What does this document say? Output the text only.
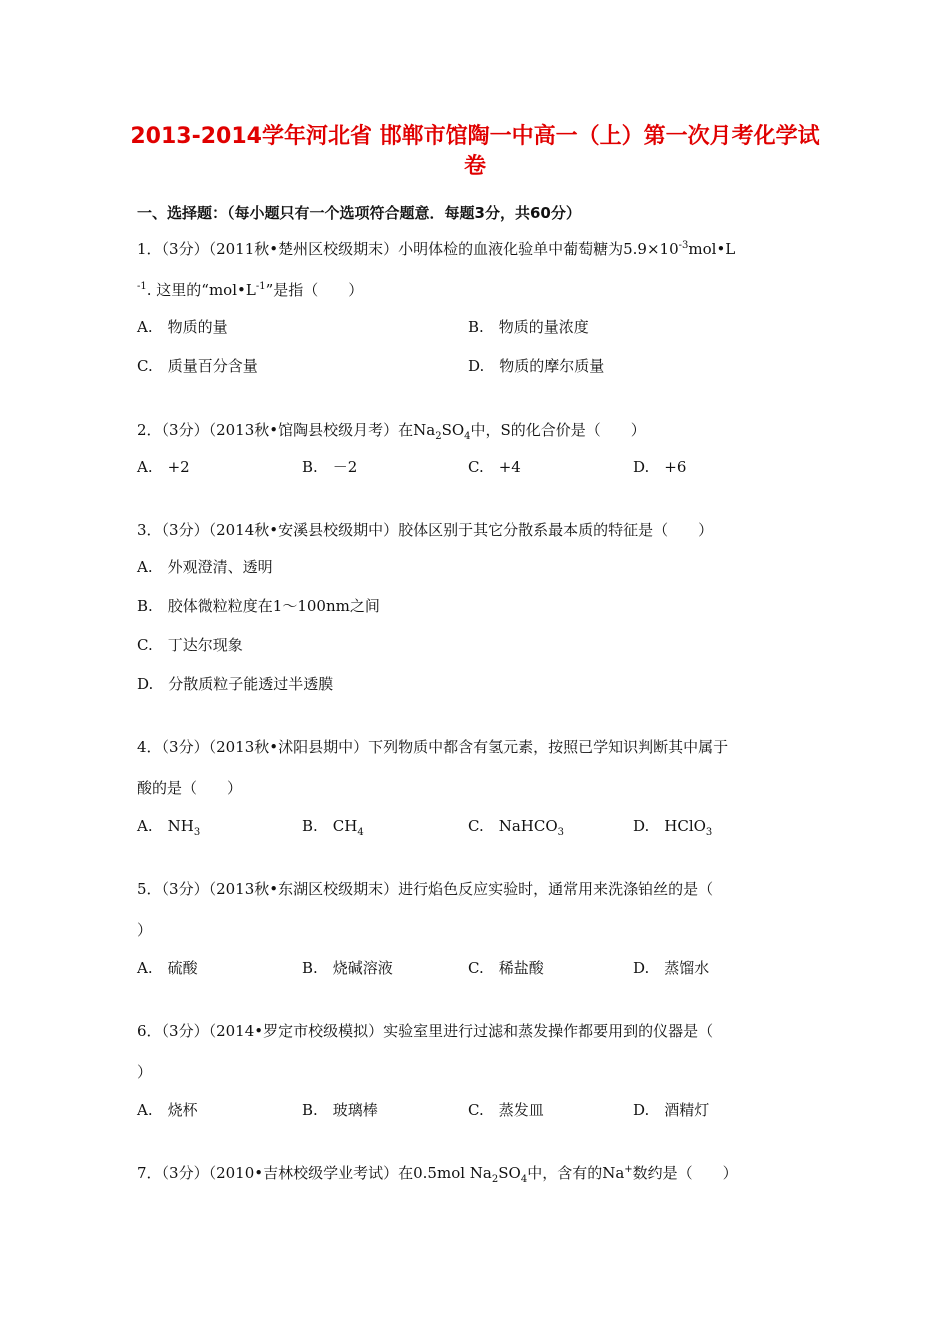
2013-2014学年河北省 邯郸市馆陶一中高一（上）第一次月考化学试
卷
一、选择题：（每小题只有一个选项符合题意．每题3分，共60分）
1．（3分）（2011秋•楚州区校级期末）小明体检的血液化验单中葡萄糖为$5.9\times 10^{-3}mol•L$
$^{-1}$. 这里的“$mol•L^{-1}$”是指（　　）
A.　物质的量	B.　物质的量浓度
C.　质量百分含量	D.　物质的摩尔质量
2．（3分）（2013秋•馆陶县校级月考）在$Na_2SO_4$中，S的化合价是（　　）
A.　+2	B.　－2	C.　+4	D.　+6
3．（3分）（2014秋•安溪县校级期中）胶体区别于其它分散系最本质的特征是（　　）
A.　外观澄清、透明
B.　胶体微粒粒度在1～100nm之间
C.　丁达尔现象
D.　分散质粒子能透过半透膜
4．（3分）（2013秋•沭阳县期中）下列物质中都含有氢元素，按照已学知识判断其中属于
酸的是（　　）
A.　$NH_3$	B.　$CH_4$	C.　NaHCO$_3$	D.　HClO$_3$
5．（3分）（2013秋•东湖区校级期末）进行焰色反应实验时，通常用来洗涤铂丝的是（
）
A.　硫酸	B.　烧碱溶液	C.　稀盐酸	D.　蒸馏水
6．（3分）（2014•罗定市校级模拟）实验室里进行过滤和蒸发操作都要用到的仪器是（
）
A.　烧杯	B.　玻璃棒	C.　蒸发皿	D.　酒精灯
7．（3分）（2010•吉林校级学业考试）在0.5mol $Na_2SO_4$中，含有的Na+数约是（　　）
